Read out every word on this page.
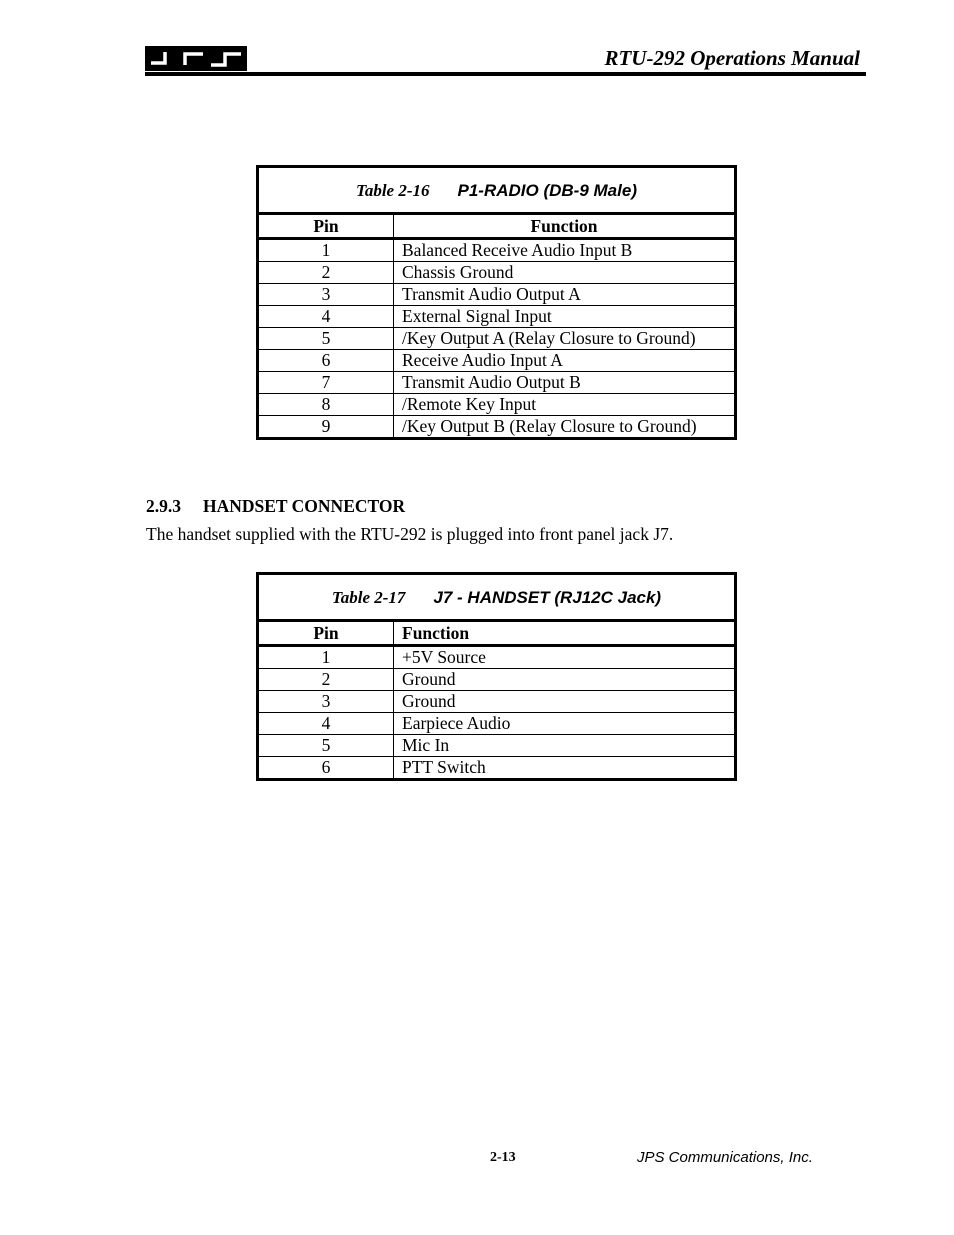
RTU-292 Operations Manual
Table 2-16 P1-RADIO (DB-9 Male)	
Pin	Function
1	Balanced Receive Audio Input B
2	Chassis Ground
3	Transmit Audio Output A
4	External Signal Input
5	/Key Output A (Relay Closure to Ground)
6	Receive Audio Input A
7	Transmit Audio Output B
8	/Remote Key Input
9	/Key Output B (Relay Closure to Ground)
2.9.3 HANDSET CONNECTOR
The handset supplied with the RTU-292 is plugged into front panel jack J7.
Table 2-17 J7 - HANDSET (RJ12C Jack)	
Pin	Function
1	+5V Source
2	Ground
3	Ground
4	Earpiece Audio
5	Mic In
6	PTT Switch
2-13	JPS Communications, Inc.
